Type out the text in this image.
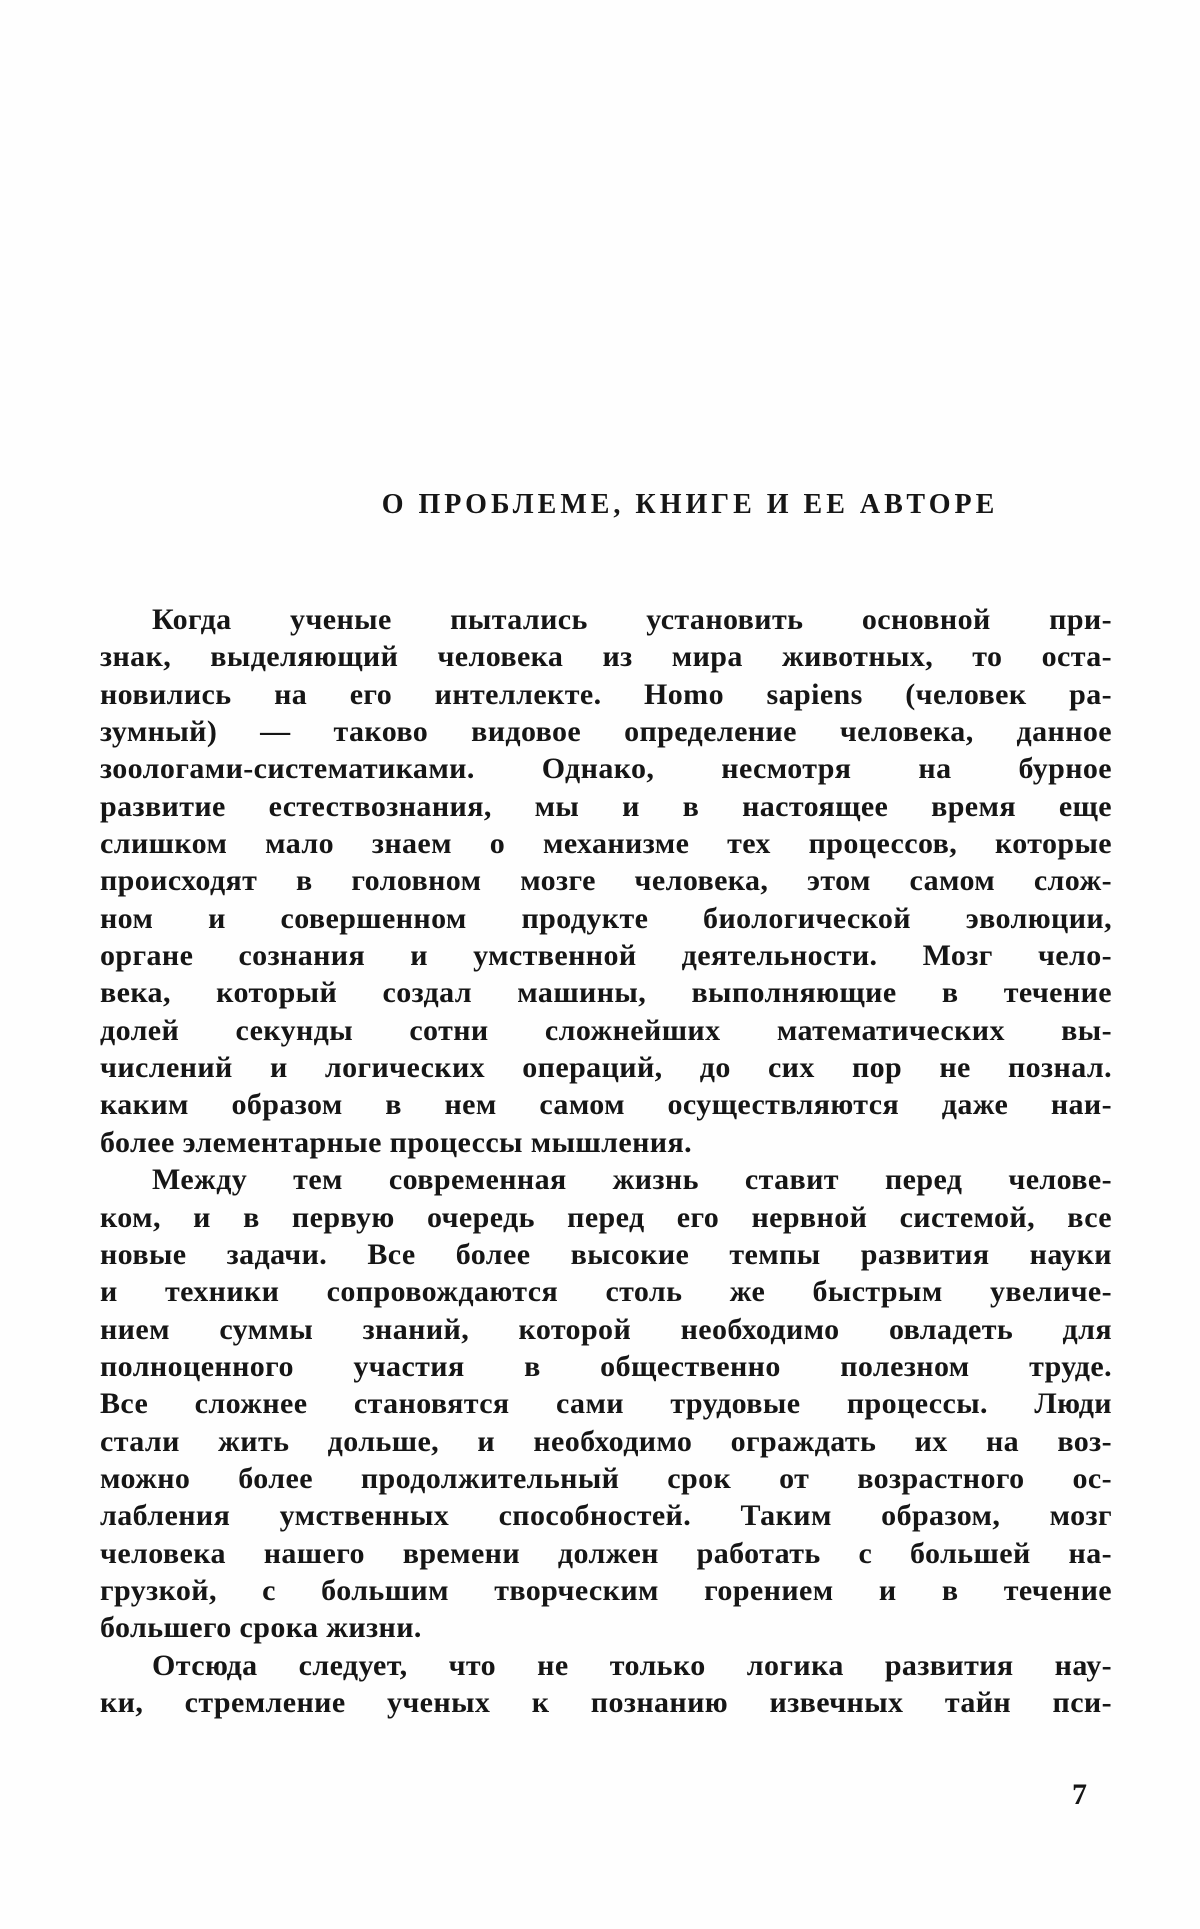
О ПРОБЛЕМЕ, КНИГЕ И ЕЕ АВТОРЕ
Когда ученые пытались установить основной при-
знак, выделяющий человека из мира животных, то оста-
новились на его интеллекте. Homo sapiens (человек ра-
зумный) — таково видовое определение человека, данное
зоологами-систематиками. Однако, несмотря на бурное
развитие естествознания, мы и в настоящее время еще
слишком мало знаем о механизме тех процессов, которые
происходят в головном мозге человека, этом самом слож-
ном и совершенном продукте биологической эволюции,
органе сознания и умственной деятельности. Мозг чело-
века, который создал машины, выполняющие в течение
долей секунды сотни сложнейших математических вы-
числений и логических операций, до сих пор не познал.
каким образом в нем самом осуществляются даже наи-
более элементарные процессы мышления.
Между тем современная жизнь ставит перед челове-
ком, и в первую очередь перед его нервной системой, все
новые задачи. Все более высокие темпы развития науки
и техники сопровождаются столь же быстрым увеличе-
нием суммы знаний, которой необходимо овладеть для
полноценного участия в общественно полезном труде.
Все сложнее становятся сами трудовые процессы. Люди
стали жить дольше, и необходимо ограждать их на воз-
можно более продолжительный срок от возрастного ос-
лабления умственных способностей. Таким образом, мозг
человека нашего времени должен работать с большей на-
грузкой, с большим творческим горением и в течение
большего срока жизни.
Отсюда следует, что не только логика развития нау-
ки, стремление ученых к познанию извечных тайн пси-
7
